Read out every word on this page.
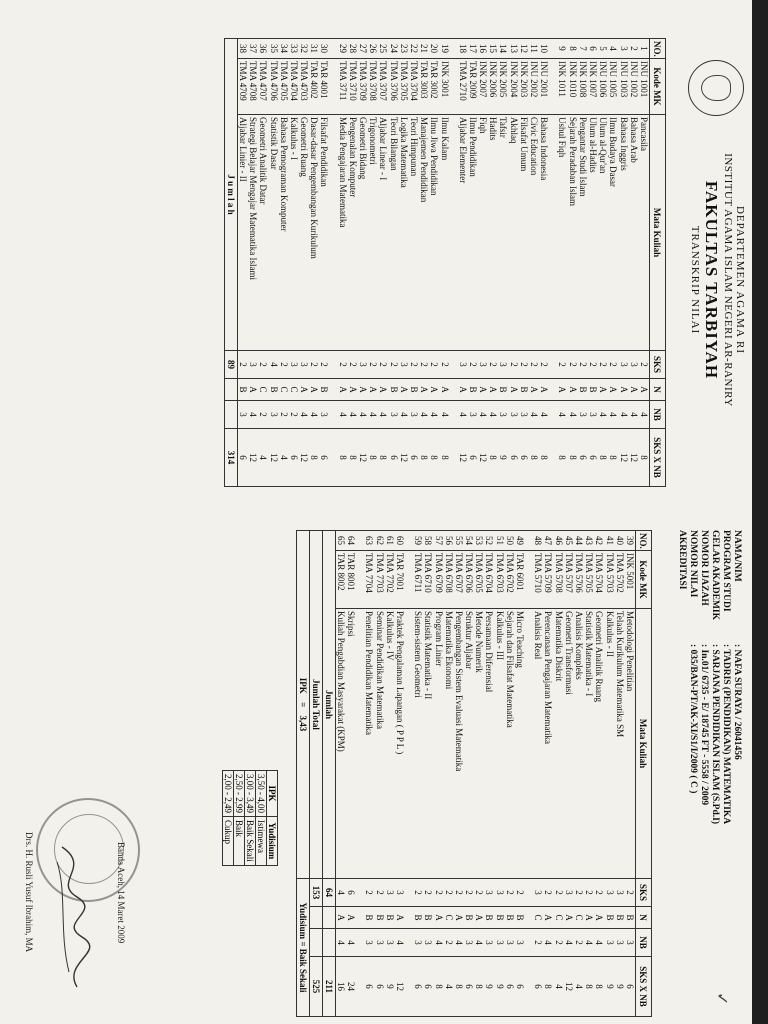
DEPARTEMEN AGAMA RI
INSTITUT AGAMA ISLAM NEGERI AR-RANIRY
FAKULTAS TARBIYAH
TRANSKRIP NILAI
NO.	Kode MK	Mata Kuliah	SKS	N	NB	SKS X NB
1	INU 1001	Pancasila	2	A	4	8
2	INU 1002	Bahasa Arab	3	A	4	12
3	INU 1003	Bahasa Inggris	3	A	4	12
4	INU 1005	Ilmu Budaya Dasar	2	A	4	8
5	INU 1006	Ulum al-Qur'an	2	A	4	8
6	INK 1007	Ulum al-Hadits	2	B	3	6
7	INK 1008	Pengantar Studi Islam	2	B	3	6
8	INK 1010	Sejarah Peradaban Islam	2	A	4	8
9	INK 1011	Ushul Fiqh	2	A	4	8

10	INU 2001	Bahasa Indonesia	2	A	4	8
11	INU 2002	Civic Education	2	A	4	8
12	INK 2003	Filsafat Umum	2	B	3	6
13	INK 2004	Akhlaq	2	A	3	6
14	INK 2005	Tafsir	3	B	3	9
15	INK 2006	Hadits	2	A	4	8
16	INK 2007	Fiqh	3	A	4	12
17	TAR 2009	Ilmu Pendidikan	2	B	3	6
18	TMA 2710	Aljabar Elementer	3	A	4	12

19	INK 3001	Ilmu Kalam	2	A	4	8
20	TAR 3002	Ilmu Jiwa Pendidikan	2	A	4	8
21	TAR 3003	Manajemen Pendidikan	2	A	4	8
22	TMA 3704	Teori Himpunan	2	B	3	6
23	TMA 3705	Logika Matematika	3	A	4	12
24	TMA 3706	Teori Bilangan	2	B	3	6
25	TMA 3707	Aljabar Linear - I	2	A	4	8
26	TMA 3708	Trigonometri	2	A	4	8
27	TMA 3709	Geometri Bidang	3	A	4	12
28	TMA 3710	Pengenalan Komputer	2	A	4	8
29	TMA 3711	Media Pengajaran Matematika	2	A	4	8

30	TAR 4001	Filsafat Pendidikan	2	B	3	6
31	TAR 4002	Dasar-dasar Pengembangan Kurikulum	2	A	4	8
32	TMA 4703	Geometri Ruang	3	A	4	12
33	TMA 4704	Kalkulus - I	3	C	2	6
34	TMA 4705	Bahasa Pemograman Komputer	2	C	2	4
35	TMA 4706	Statistik Dasar	4	B	3	12
36	TMA 4707	Geometri Analitik Datar	2	C	2	4
37	TMA 4708	Strategi Belajar Mengajar Matematika Islami	3	A	4	12
38	TMA 4709	Aljabar Linier - II	2	B	3	6
J u m l a h			89			314
✓
NAMA/NIM
: NAFA SURAYA / 26041456
PROGRAM STUDI
: TADRIS (PENDIDIKAN) MATEMATIKA
GELAR AKADEMIK
: SARJANA PENDIDIKAN ISLAM (S.Pd.I)
NOMOR IJAZAH
: In.01/ 6735 - E/ 18745 FT - 5558 / 2009
NOMOR NILAI AKREDITASI
: 035/BAN-PT/AK-XI/S1/I/2009 ( C )
NO.	Kode MK	Mata Kuliah	SKS	N	NB	SKS X NB
39	INK 5001	Metodologi Penelitian	2	B	3	6
40	TMA 5702	Telaah Kurikulum Matematika SM	3	B	3	9
41	TMA 5703	Kalkulus - II	3	B	3	9
42	TMA 5704	Geometri Analitik Ruang	2	A	4	8
43	TMA 5705	Statistik Matematika - I	2	A	4	8
44	TMA 5706	Analisis Kompleks	2	C	2	4
45	TMA 5707	Geometri Transformasi	3	A	4	12
46	TMA 5708	Matematika Diskrit	2	C	2	4
47	TMA 5709	Perencanaan Pengajaran Matematika	2	A	4	8
48	TMA 5710	Analisis Real	3	C	2	6

49	TAR 6001	Micro Teaching	2	B	3	6
50	TMA 6702	Sejarah dan Filsafat Matematika	2	B	3	6
51	TMA 6703	Kalkulus - III	3	B	3	9
52	TMA 6704	Persamaan Diferensial	3	B	3	9
53	TMA 6705	Metode Numerik	2	A	4	8
54	TMA 6706	Struktur Aljabar	2	B	3	6
55	TMA 6707	Pengembangan Sistem Evaluasi Matematika	2	A	4	8
56	TMA 6708	Matematika Ekonomi	2	C	2	4
57	TMA 6709	Program Linier	2	A	4	8
58	TMA 6710	Statistik Matematika - II	2	B	3	6
59	TMA 6711	Sistem-sistem Geometri	2	B	3	6

60	TAR 7001	Praktek Pengalaman Lapangan ( P P L )	3	A	4	12
61	TMA 7702	Kalkulus - IV	3	B	3	9
62	TMA 7703	Seminar Pendidikan Matematika	2	B	3	6
63	TMA 7704	Penelitian Pendidikan Matematika	2	B	3	6

64	TAR 8001	Skripsi	6	A	4	24
65	TAR 8002	Kuliah Pengabdian Masyarakat (KPM)	4	A	4	16
Jumlah			64			211
Jumlah Total			153			525
IPK = 3,43			Yudisium = Baik Sekali			
IPK	Yudisium
3,50 - 4,00	Istimewa
3,00 - 3,49	Baik Sekali
2,50 - 2,99	Baik
2,00 - 2,49	Cukup
Banda Aceh, 14 Maret 2009
Drs. H. Rusli Yusuf Ibrahim, MA
